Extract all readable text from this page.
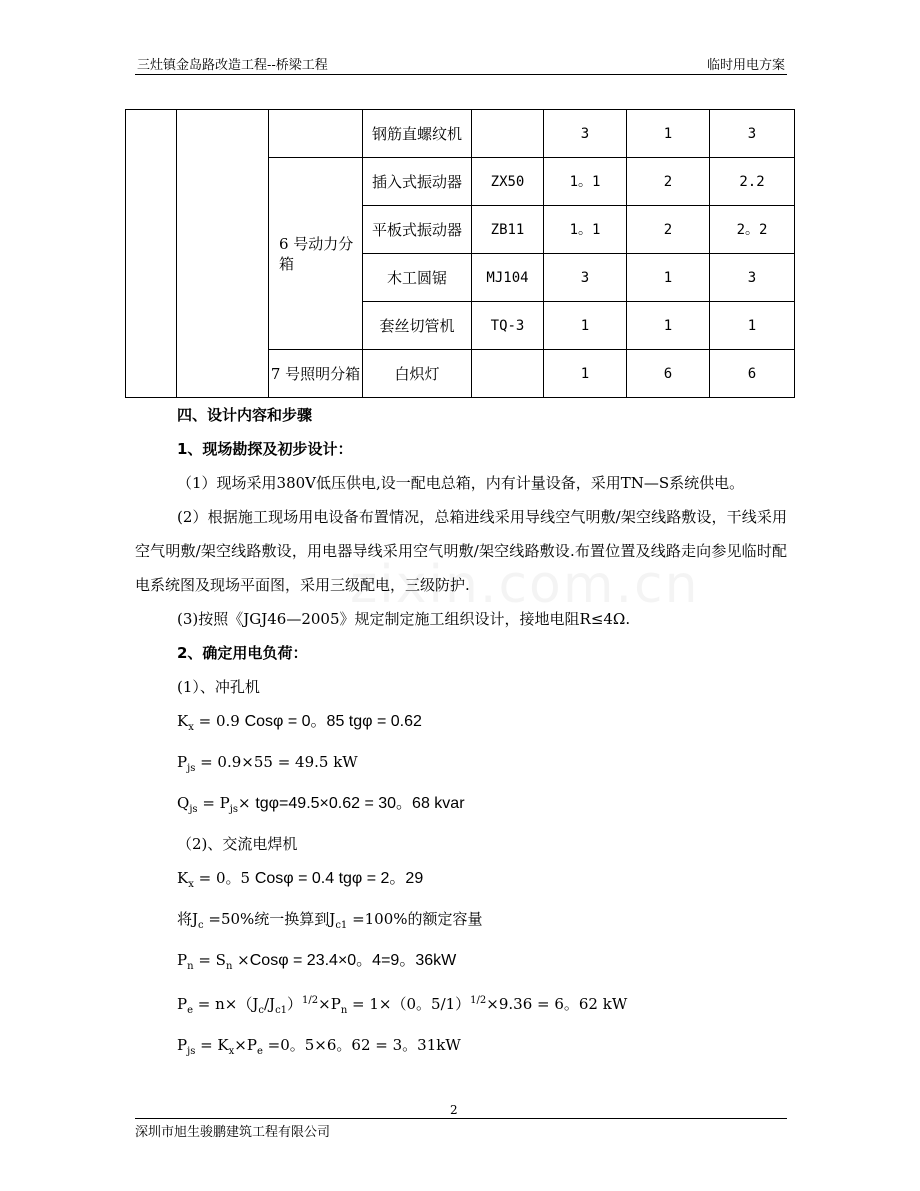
三灶镇金岛路改造工程--桥梁工程	临时用电方案
			钢筋直螺纹机		3	1	3
		6 号动力分箱	插入式振动器	ZX50	1。1	2	2.2
			平板式振动器	ZB11	1。1	2	2。2
			木工圆锯	MJ104	3	1	3
			套丝切管机	TQ-3	1	1	1
		7 号照明分箱	白炽灯		1	6	6

四、设计内容和步骤

1、现场勘探及初步设计：

（1）现场采用380V低压供电,设一配电总箱，内有计量设备，采用TN—S系统供电。

(2）根据施工现场用电设备布置情况，总箱进线采用导线空气明敷/架空线路敷设，干线采用空气明敷/架空线路敷设，用电器导线采用空气明敷/架空线路敷设.布置位置及线路走向参见临时配电系统图及现场平面图，采用三级配电，三级防护.

(3)按照《JGJ46—2005》规定制定施工组织设计，接地电阻R≤4Ω.

2、确定用电负荷：

(1）、冲孔机

$K_x = 0.9$ Cosφ = 0。85 tgφ = 0.62

$P_{js} = 0.9\times 55 = 49.5$ kW

$Q_{js} = P_{js}\times tg\varphi=49.5\times 0.62 = 30$。68 kvar

（2)、交流电焊机

$K_x = 0$。5 Cosφ = 0.4 tgφ = 2。29

将$J_c =50\%$统一换算到$J_{c1} =100\%$的额定容量

$P_n = S_n \times Cos\varphi = 23.4\times 0$。4=9。36kW

$P_e = n\times(J_c/J_{c1})^{1/2}\times P_n = 1\times(0$。5/1）$^{1/2}$×9.36 = 6。62 kW

$P_{js} = K_x\times P_e =0$。5×6。62 = 3。31kW

2
深圳市旭生骏鹏建筑工程有限公司
